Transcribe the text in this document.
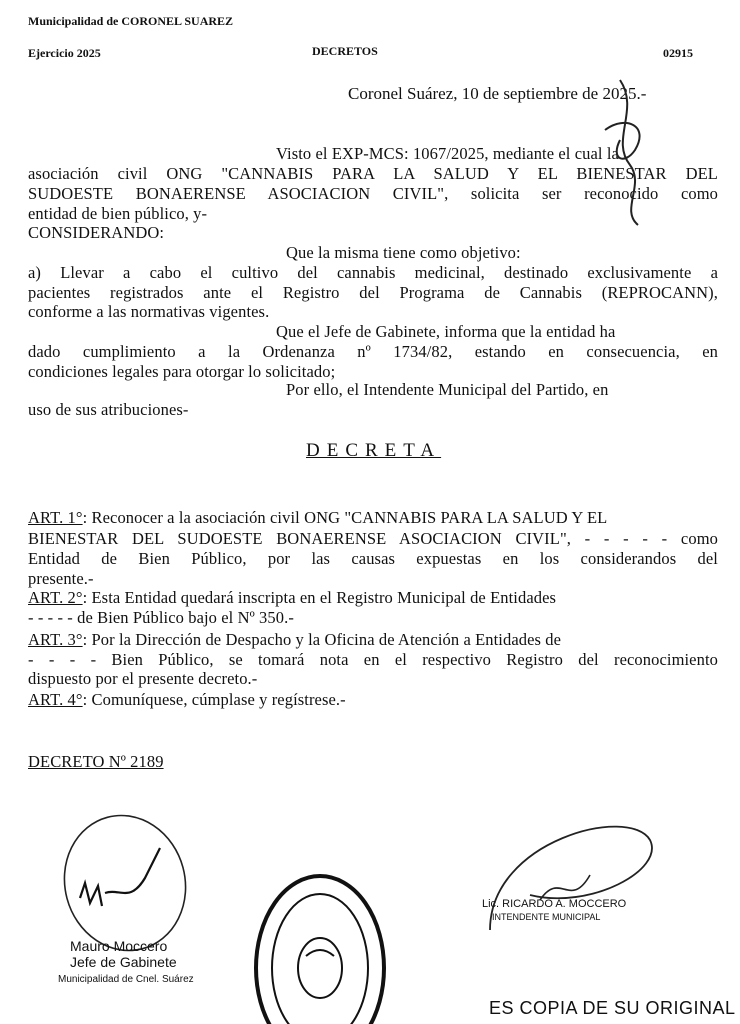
Municipalidad de CORONEL SUAREZ
Ejercicio 2025	DECRETOS	02915
Coronel Suárez, 10 de septiembre de 2025.-
Visto el EXP-MCS: 1067/2025, mediante el cual la
asociación civil ONG "CANNABIS PARA LA SALUD Y EL BIENESTAR DEL
SUDOESTE BONAERENSE ASOCIACION CIVIL", solicita ser reconocido como
entidad de bien público, y-
CONSIDERANDO:
Que la misma tiene como objetivo:
a) Llevar a cabo el cultivo del cannabis medicinal, destinado exclusivamente a
pacientes registrados ante el Registro del Programa de Cannabis (REPROCANN),
conforme a las normativas vigentes.
Que el Jefe de Gabinete, informa que la entidad ha
dado cumplimiento a la Ordenanza nº 1734/82, estando en consecuencia, en
condiciones legales para otorgar lo solicitado;
Por ello, el Intendente Municipal del Partido, en
uso de sus atribuciones-
DECRETA
ART. 1°: Reconocer a la asociación civil ONG "CANNABIS PARA LA SALUD Y EL
BIENESTAR DEL SUDOESTE BONAERENSE ASOCIACION CIVIL", - - - - - como
Entidad de Bien Público, por las causas expuestas en los considerandos del
presente.-
ART. 2°: Esta Entidad quedará inscripta en el Registro Municipal de Entidades
- - - - - de Bien Público bajo el Nº 350.-
ART. 3°: Por la Dirección de Despacho y la Oficina de Atención a Entidades de
- - - - Bien Público, se tomará nota en el respectivo Registro del reconocimiento
dispuesto por el presente decreto.-
ART. 4°: Comuníquese, cúmplase y regístrese.-
DECRETO Nº 2189
Mauro Moccero
Jefe de Gabinete
Municipalidad de Cnel. Suárez
Lic. RICARDO A. MOCCERO
INTENDENTE MUNICIPAL
ES COPIA DE SU ORIGINAL
